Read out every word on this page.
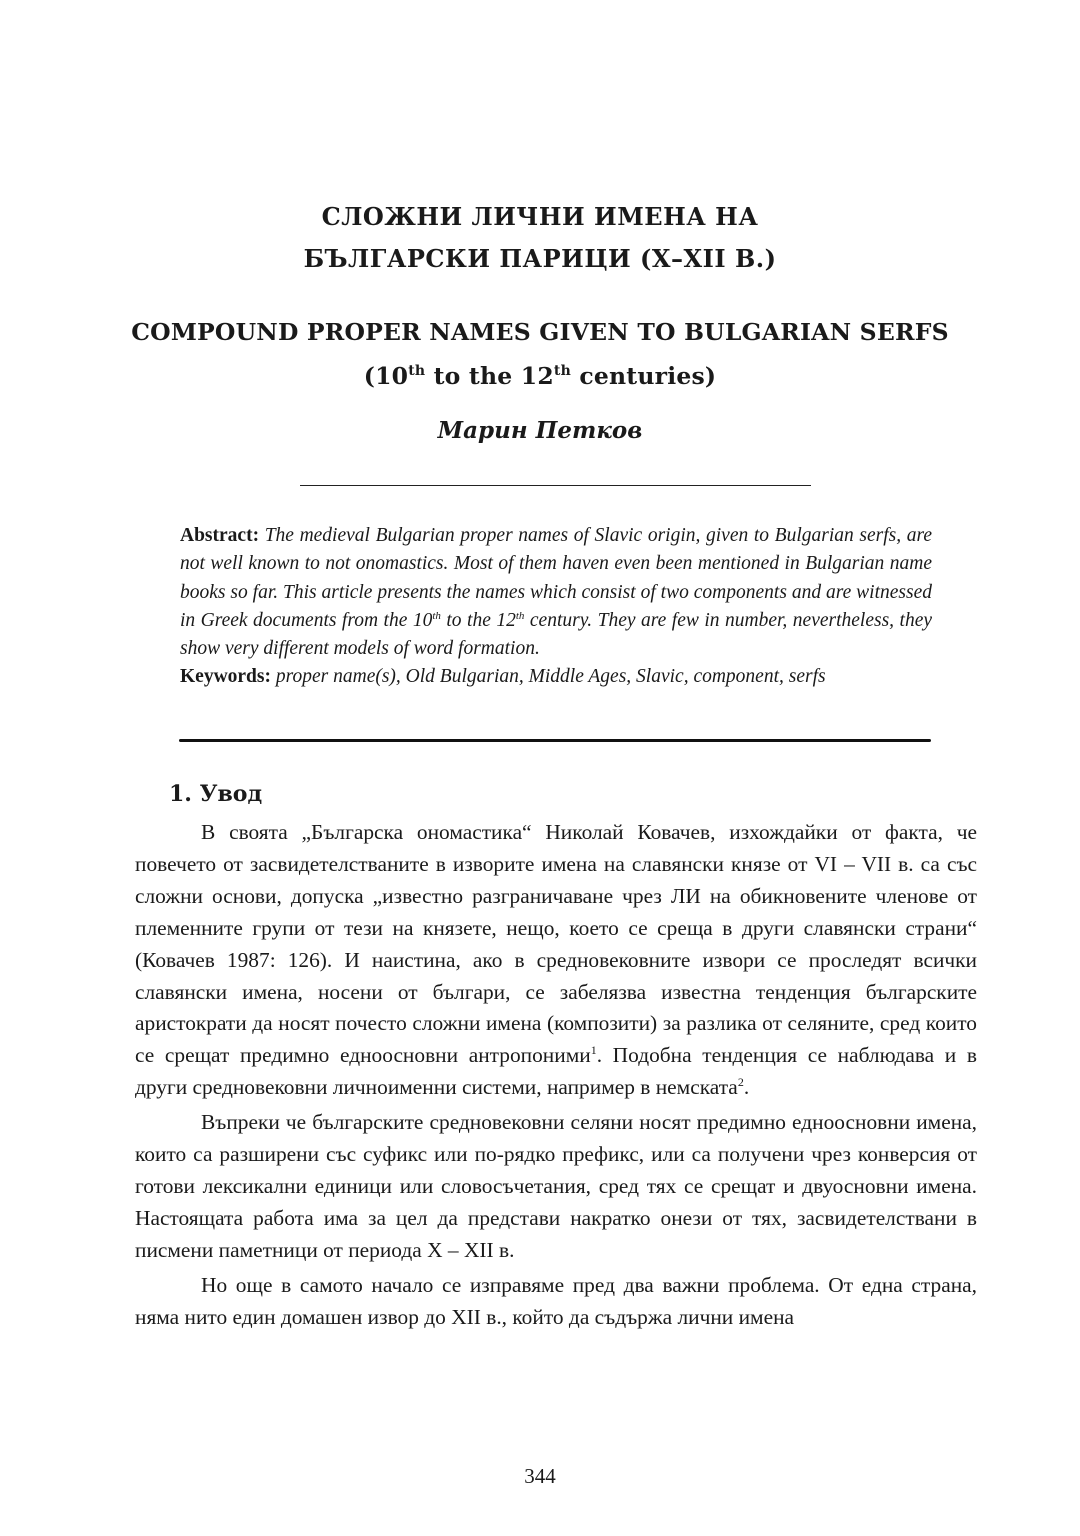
СЛОЖНИ ЛИЧНИ ИМЕНА НА
БЪЛГАРСКИ ПАРИЦИ (X–XII В.)
COMPOUND PROPER NAMES GIVEN TO BULGARIAN SERFS
(10th to the 12th centuries)
Марин Петков
Abstract: The medieval Bulgarian proper names of Slavic origin, given to Bulgarian serfs, are not well known to not onomastics. Most of them haven even been mentioned in Bulgarian name books so far. This article presents the names which consist of two components and are witnessed in Greek documents from the 10th to the 12th century. They are few in number, nevertheless, they show very different models of word formation.
Keywords: proper name(s), Old Bulgarian, Middle Ages, Slavic, component, serfs
1. Увод

В своята „Българска ономастика“ Николай Ковачев, изхождайки от факта, че повечето от засвидетелстваните в изворите имена на славянски князе от VI – VII в. са със сложни основи, допуска „известно разграничаване чрез ЛИ на обикновените членове от племенните групи от тези на князете, нещо, което се среща в други славянски страни“ (Ковачев 1987: 126). И наистина, ако в средновековните извори се проследят всички славянски имена, носени от българи, се забелязва известна тенденция българските аристократи да носят почесто сложни имена (композити) за разлика от селяните, сред които се срещат предимно едноосновни антропоними$^1$. Подобна тенденция се наблюдава и в други средновековни личноименни системи, например в немската$^2$.

Въпреки че българските средновековни селяни носят предимно едноосновни имена, които са разширени със суфикс или по-рядко префикс, или са получени чрез конверсия от готови лексикални единици или словосъчетания, сред тях се срещат и двуосновни имена. Настоящата работа има за цел да представи накратко онези от тях, засвидетелствани в писмени паметници от периода X – XII в.

Но още в самото начало се изправяме пред два важни проблема. От една страна, няма нито един домашен извор до XII в., който да съдържа лични имена

344
